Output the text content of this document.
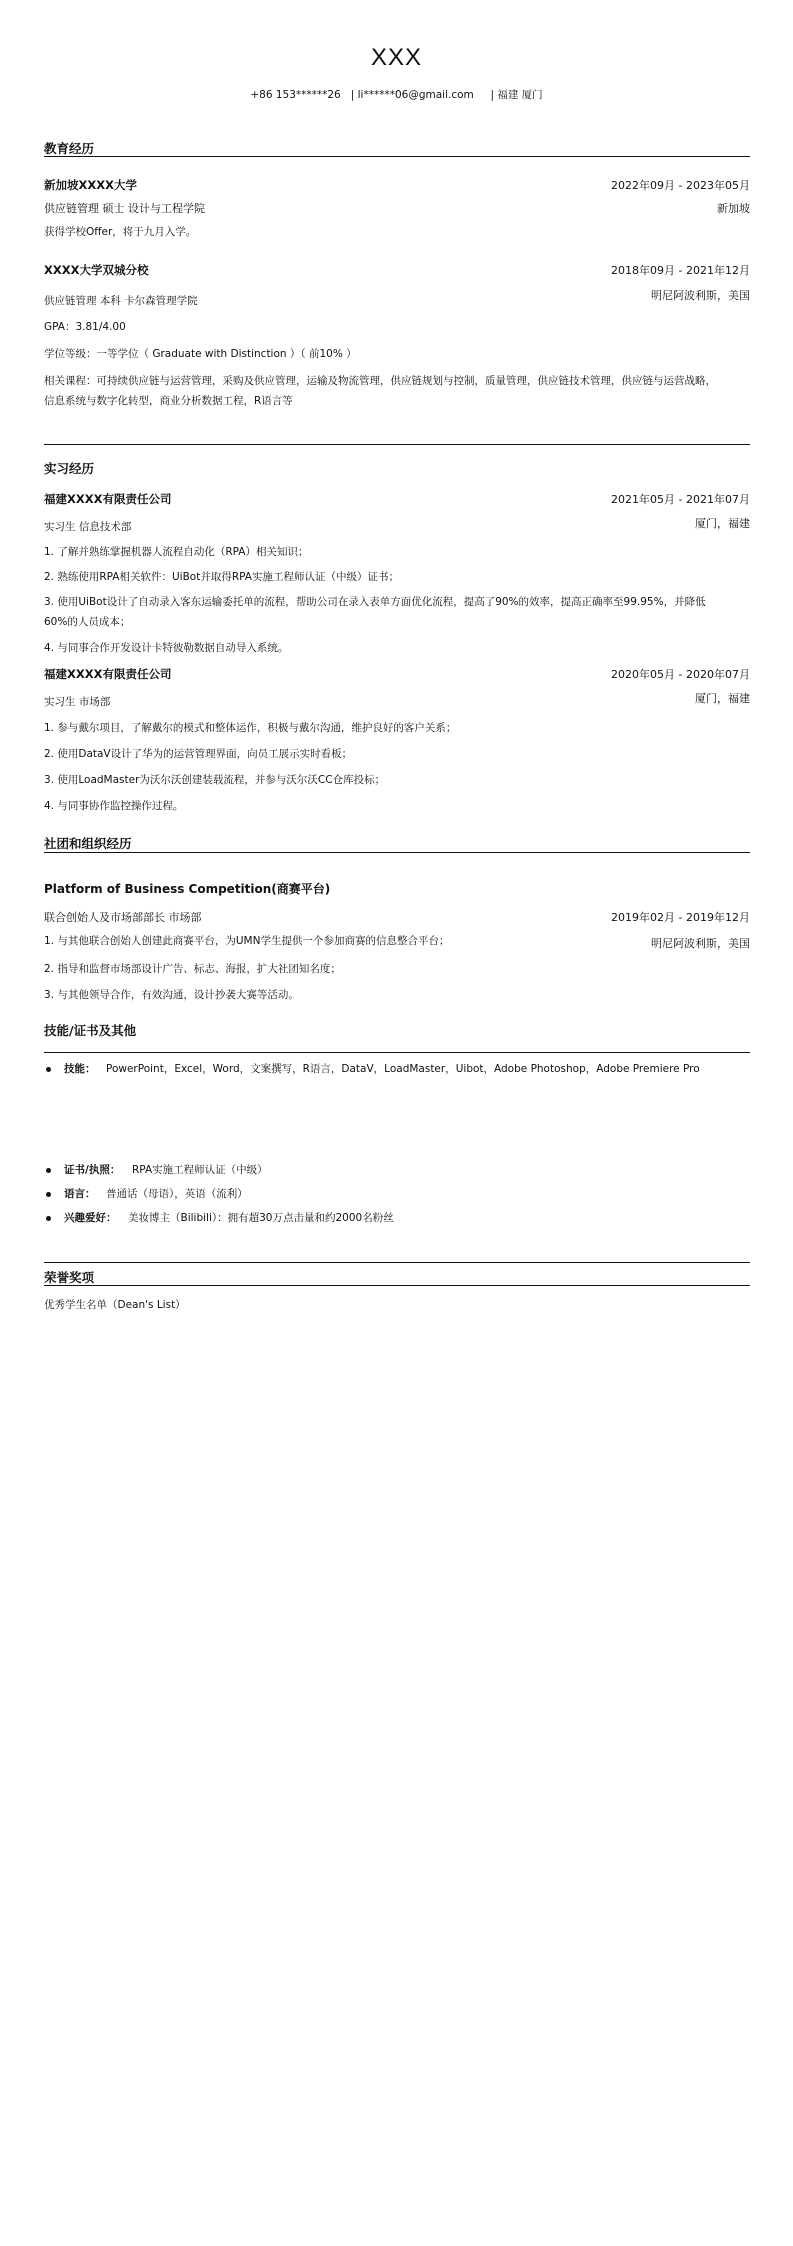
XXX
+86 153******26   | li******06@gmail.com     | 福建 厦门
教育经历
新加坡XXXX大学	2022年09月 - 2023年05月
供应链管理 硕士 设计与工程学院	新加坡
获得学校Offer，将于九月入学。
XXXX大学双城分校	2018年09月 - 2021年12月
明尼阿波利斯，美国
供应链管理 本科 卡尔森管理学院
GPA：3.81/4.00
学位等级：一等学位（ Graduate with Distinction ）（ 前10% ）
相关课程：可持续供应链与运营管理，采购及供应管理，运输及物流管理，供应链规划与控制，质量管理，供应链技术管理，供应链与运营战略，
信息系统与数字化转型，商业分析数据工程，R语言等
实习经历
福建XXXX有限责任公司	2021年05月 - 2021年07月
厦门，福建
实习生 信息技术部
1. 了解并熟练掌握机器人流程自动化（RPA）相关知识；
2. 熟练使用RPA相关软件：UiBot并取得RPA实施工程师认证（中级）证书；
3. 使用UiBot设计了自动录入客东运输委托单的流程，帮助公司在录入表单方面优化流程，提高了90%的效率，提高正确率至99.95%，并降低
60%的人员成本；
4. 与同事合作开发设计卡特彼勒数据自动导入系统。
福建XXXX有限责任公司	2020年05月 - 2020年07月
厦门，福建
实习生 市场部
1. 参与戴尔项目，了解戴尔的模式和整体运作，积极与戴尔沟通，维护良好的客户关系；
2. 使用DataV设计了华为的运营管理界面，向员工展示实时看板；
3. 使用LoadMaster为沃尔沃创建装载流程，并参与沃尔沃CC仓库投标；
4. 与同事协作监控操作过程。
社团和组织经历
Platform of Business Competition(商赛平台)
联合创始人及市场部部长 市场部	2019年02月 - 2019年12月
明尼阿波利斯，美国
1. 与其他联合创始人创建此商赛平台，为UMN学生提供一个参加商赛的信息整合平台；
2. 指导和监督市场部设计广告、标志、海报，扩大社团知名度；
3. 与其他领导合作，有效沟通，设计抄袭大赛等活动。
技能/证书及其他
技能： PowerPoint，Excel，Word，文案撰写，R语言，DataV，LoadMaster，Uibot，Adobe Photoshop，Adobe Premiere Pro
证书/执照： RPA实施工程师认证（中级）
语言： 普通话（母语），英语（流利）
兴趣爱好： 美妆博主（Bilibili）：拥有超30万点击量和约2000名粉丝
荣誉奖项
优秀学生名单（Dean's List）
